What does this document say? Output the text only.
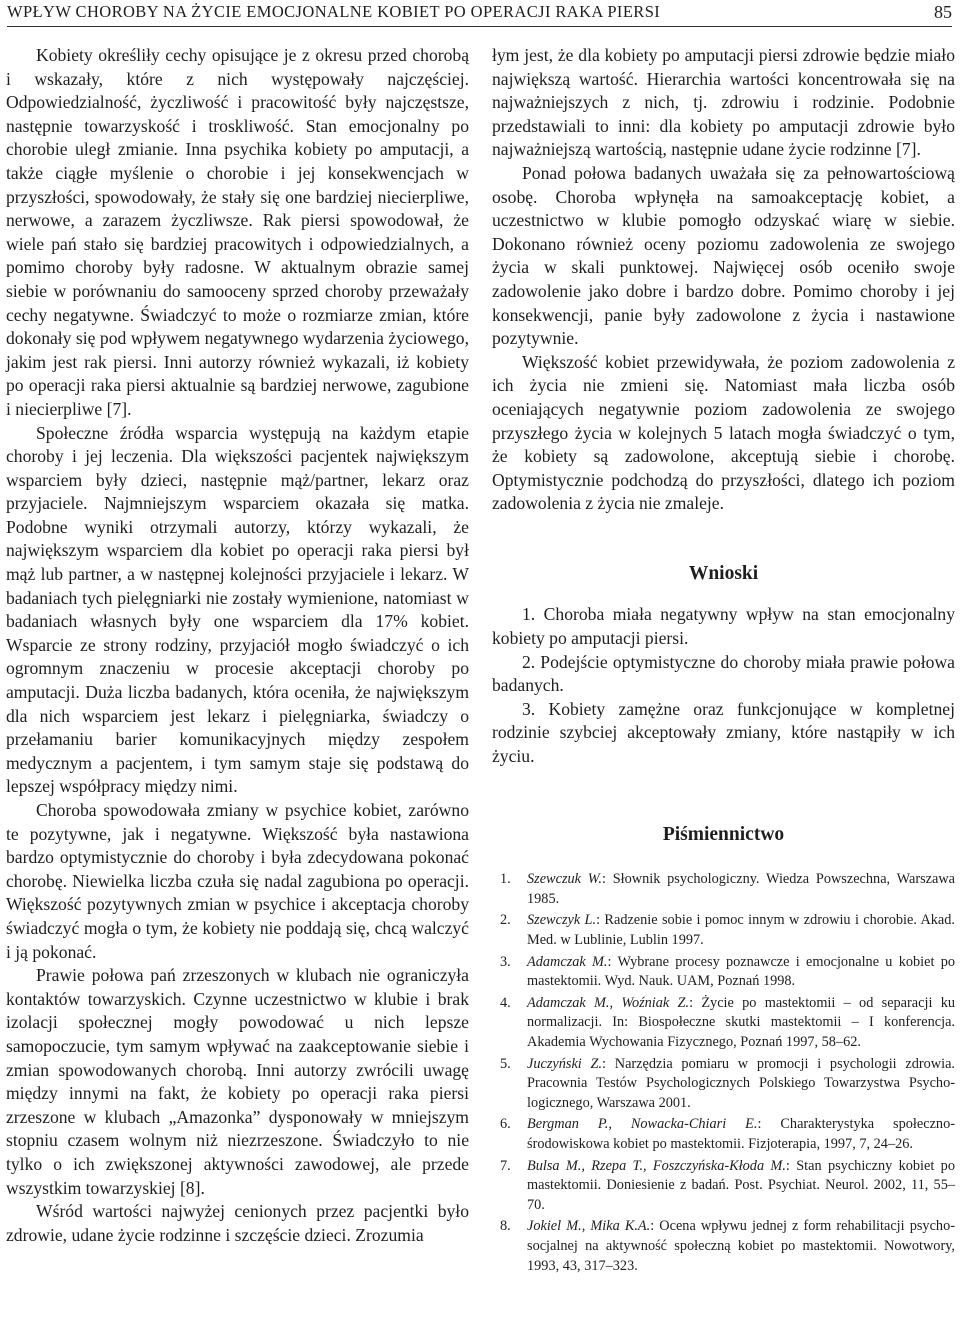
WPŁYW CHOROBY NA ŻYCIE EMOCJONALNE KOBIET PO OPERACJI RAKA PIERSI	85

Kobiety określiły cechy opisujące je z okresu przed chorobą i wskazały, które z nich występowały najczęściej. Odpowiedzialność, życzliwość i pracowitość były najczęstsze, następnie towarzyskość i troskliwość. Stan emocjonalny po chorobie uległ zmianie. Inna psychika kobiety po amputacji, a także ciągłe myślenie o chorobie i jej konsekwencjach w przyszłości, spowodowały, że stały się one bardziej niecierpliwe, nerwowe, a zarazem życzliwsze. Rak piersi spowodował, że wiele pań stało się bardziej pracowitych i odpowiedzialnych, a pomimo choroby były radosne. W aktualnym obrazie samej siebie w porównaniu do samooceny sprzed choroby przeważały cechy negatywne. Świadczyć to może o rozmiarze zmian, które dokonały się pod wpływem negatywnego wydarzenia życiowego, jakim jest rak piersi. Inni autorzy również wykazali, iż kobiety po operacji raka piersi aktualnie są bardziej nerwowe, zagubione i niecierpliwe [7].

Społeczne źródła wsparcia występują na każdym etapie choroby i jej leczenia. Dla większości pacjentek największym wsparciem były dzieci, następnie mąż/partner, lekarz oraz przyjaciele. Najmniejszym wsparciem okazała się matka. Podobne wyniki otrzymali autorzy, którzy wykazali, że największym wsparciem dla kobiet po operacji raka piersi był mąż lub partner, a w następnej kolejności przyjaciele i lekarz. W badaniach tych pielęgniarki nie zostały wymienione, natomiast w badaniach własnych były one wsparciem dla 17% kobiet. Wsparcie ze strony rodziny, przyjaciół mogło świadczyć o ich ogromnym znaczeniu w procesie akceptacji choroby po amputacji. Duża liczba badanych, która oceniła, że największym dla nich wsparciem jest lekarz i pielęgniarka, świadczy o przełamaniu barier komunikacyjnych między zespołem medycznym a pacjentem, i tym samym staje się podstawą do lepszej współpracy między nimi.

Choroba spowodowała zmiany w psychice kobiet, zarówno te pozytywne, jak i negatywne. Większość była nastawiona bardzo optymistycznie do choroby i była zdecydowana pokonać chorobę. Niewielka liczba czuła się nadal zagubiona po operacji. Większość pozytywnych zmian w psychice i akceptacja choroby świadczyć mogła o tym, że kobiety nie poddają się, chcą walczyć i ją pokonać.

Prawie połowa pań zrzeszonych w klubach nie ograniczyła kontaktów towarzyskich. Czynne uczestnictwo w klubie i brak izolacji społecznej mogły powodować u nich lepsze samopoczucie, tym samym wpływać na zaakceptowanie siebie i zmian spowodowanych chorobą. Inni autorzy zwrócili uwagę między innymi na fakt, że kobiety po operacji raka piersi zrzeszone w klubach „Amazonka” dysponowały w mniejszym stopniu czasem wolnym niż niezrzeszone. Świadczyło to nie tylko o ich zwiększonej aktywności zawodowej, ale przede wszystkim towarzyskiej [8].

Wśród wartości najwyżej cenionych przez pacjentki było zdrowie, udane życie rodzinne i szczęście dzieci. Zrozumia

łym jest, że dla kobiety po amputacji piersi zdrowie będzie miało największą wartość. Hierarchia wartości koncentrowała się na najważniejszych z nich, tj. zdrowiu i rodzinie. Podobnie przedstawiali to inni: dla kobiety po amputacji zdrowie było najważniejszą wartością, następnie udane życie rodzinne [7].

Ponad połowa badanych uważała się za pełnowartościową osobę. Choroba wpłynęła na samoakceptację kobiet, a uczestnictwo w klubie pomogło odzyskać wiarę w siebie. Dokonano również oceny poziomu zadowolenia ze swojego życia w skali punktowej. Najwięcej osób oceniło swoje zadowolenie jako dobre i bardzo dobre. Pomimo choroby i jej konsekwencji, panie były zadowolone z życia i nastawione pozytywnie.

Większość kobiet przewidywała, że poziom zadowolenia z ich życia nie zmieni się. Natomiast mała liczba osób oceniających negatywnie poziom zadowolenia ze swojego przyszłego życia w kolejnych 5 latach mogła świadczyć o tym, że kobiety są zadowolone, akceptują siebie i chorobę. Optymistycznie podchodzą do przyszłości, dlatego ich poziom zadowolenia z życia nie zmaleje.

Wnioski

1. Choroba miała negatywny wpływ na stan emocjonalny kobiety po amputacji piersi.

2. Podejście optymistyczne do choroby miała prawie połowa badanych.

3. Kobiety zamężne oraz funkcjonujące w kompletnej rodzinie szybciej akceptowały zmiany, które nastąpiły w ich życiu.

Piśmiennictwo
1. Szewczuk W.: Słownik psychologiczny. Wiedza Powszechna, Warszawa 1985.
2. Szewczyk L.: Radzenie sobie i pomoc innym w zdrowiu i chorobie. Akad. Med. w Lublinie, Lublin 1997.
3. Adamczak M.: Wybrane procesy poznawcze i emocjonalne u kobiet po mastektomii. Wyd. Nauk. UAM, Poznań 1998.
4. Adamczak M., Woźniak Z.: Życie po mastektomii – od separacji ku normalizacji. In: Biospołeczne skutki mastektomii – I konferencja. Akademia Wychowania Fizycznego, Poznań 1997, 58–62.
5. Juczyński Z.: Narzędzia pomiaru w promocji i psychologii zdrowia. Pracownia Testów Psychologicznych Polskiego Towarzystwa Psychologicznego, Warszawa 2001.
6. Bergman P., Nowacka-Chiari E.: Charakterystyka społeczno-środowiskowa kobiet po mastektomii. Fizjoterapia, 1997, 7, 24–26.
7. Bulsa M., Rzepa T., Foszczyńska-Kłoda M.: Stan psychiczny kobiet po mastektomii. Doniesienie z badań. Post. Psychiat. Neurol. 2002, 11, 55–70.
8. Jokiel M., Mika K.A.: Ocena wpływu jednej z form rehabilitacji psychosocjalnej na aktywność społeczną kobiet po mastektomii. Nowotwory, 1993, 43, 317–323.
